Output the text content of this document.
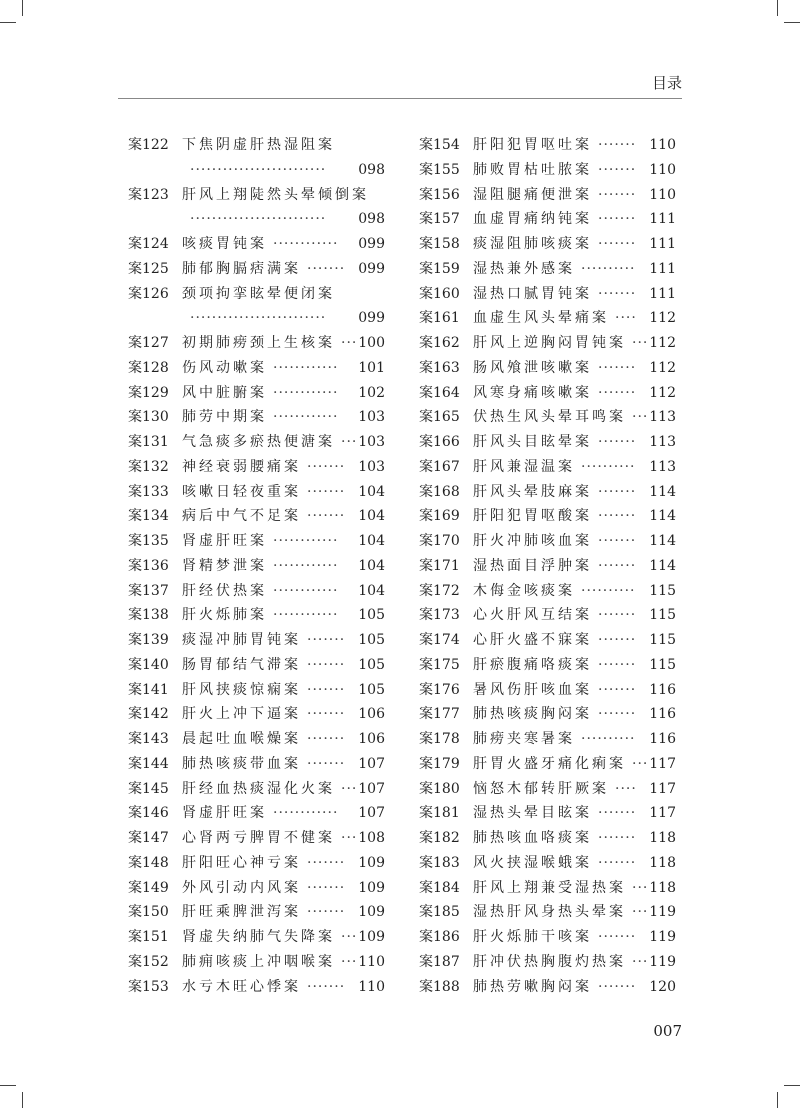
目录
案122 下焦阴虚肝热湿阻案
·························	098
案123 肝风上翔陡然头晕倾倒案
·························	098
案124 咳痰胃钝案 ············	099
案125 肺郁胸膈痞满案 ······· 099
案126 颈项拘挛眩晕便闭案
·························	099
案127 初期肺痨颈上生核案 ··· 100
案128 伤风动嗽案 ············	101
案129 风中脏腑案 ············	102
案130 肺劳中期案 ············	103
案131 气急痰多瘀热便溏案 ··· 103
案132 神经衰弱腰痛案 ······· 103
案133 咳嗽日轻夜重案 ······· 104
案134 病后中气不足案 ······· 104
案135 肾虚肝旺案 ············	104
案136 肾精梦泄案 ············	104
案137 肝经伏热案 ············	104
案138 肝火烁肺案 ············	105
案139 痰湿冲肺胃钝案 ······· 105
案140 肠胃郁结气滞案 ······· 105
案141 肝风挟痰惊痫案 ······· 105
案142 肝火上冲下逼案 ······· 106
案143 晨起吐血喉燥案 ······· 106
案144 肺热咳痰带血案 ······· 107
案145 肝经血热痰湿化火案 ··· 107
案146 肾虚肝旺案 ············	107
案147 心肾两亏脾胃不健案 ··· 108
案148 肝阳旺心神亏案 ······· 109
案149 外风引动内风案 ······· 109
案150 肝旺乘脾泄泻案 ······· 109
案151 肾虚失纳肺气失降案 ··· 109
案152 肺痈咳痰上冲咽喉案 ··· 110
案153 水亏木旺心悸案 ······· 110
案154 肝阳犯胃呕吐案 ······· 110
案155 肺败胃枯吐脓案 ······· 110
案156 湿阻腿痛便泄案 ······· 110
案157 血虚胃痛纳钝案 ······· 111
案158 痰湿阻肺咳痰案 ······· 111
案159 湿热兼外感案 ·········· 111
案160 湿热口腻胃钝案 ······· 111
案161 血虚生风头晕痛案 ···· 112
案162 肝风上逆胸闷胃钝案 ··· 112
案163 肠风飧泄咳嗽案 ······· 112
案164 风寒身痛咳嗽案 ······· 112
案165 伏热生风头晕耳鸣案 ··· 113
案166 肝风头目眩晕案 ······· 113
案167 肝风兼湿温案 ·········· 113
案168 肝风头晕肢麻案 ······· 114
案169 肝阳犯胃呕酸案 ······· 114
案170 肝火冲肺咳血案 ······· 114
案171 湿热面目浮肿案 ······· 114
案172 木侮金咳痰案 ·········· 115
案173 心火肝风互结案 ······· 115
案174 心肝火盛不寐案 ······· 115
案175 肝瘀腹痛咯痰案 ······· 115
案176 暑风伤肝咳血案 ······· 116
案177 肺热咳痰胸闷案 ······· 116
案178 肺痨夹寒暑案 ·········· 116
案179 肝胃火盛牙痛化痢案 ··· 117
案180 恼怒木郁转肝厥案 ···· 117
案181 湿热头晕目眩案 ······· 117
案182 肺热咳血咯痰案 ······· 118
案183 风火挟湿喉蛾案 ······· 118
案184 肝风上翔兼受湿热案 ··· 118
案185 湿热肝风身热头晕案 ··· 119
案186 肝火烁肺干咳案 ······· 119
案187 肝冲伏热胸腹灼热案 ··· 119
案188 肺热劳嗽胸闷案 ······· 120
007
